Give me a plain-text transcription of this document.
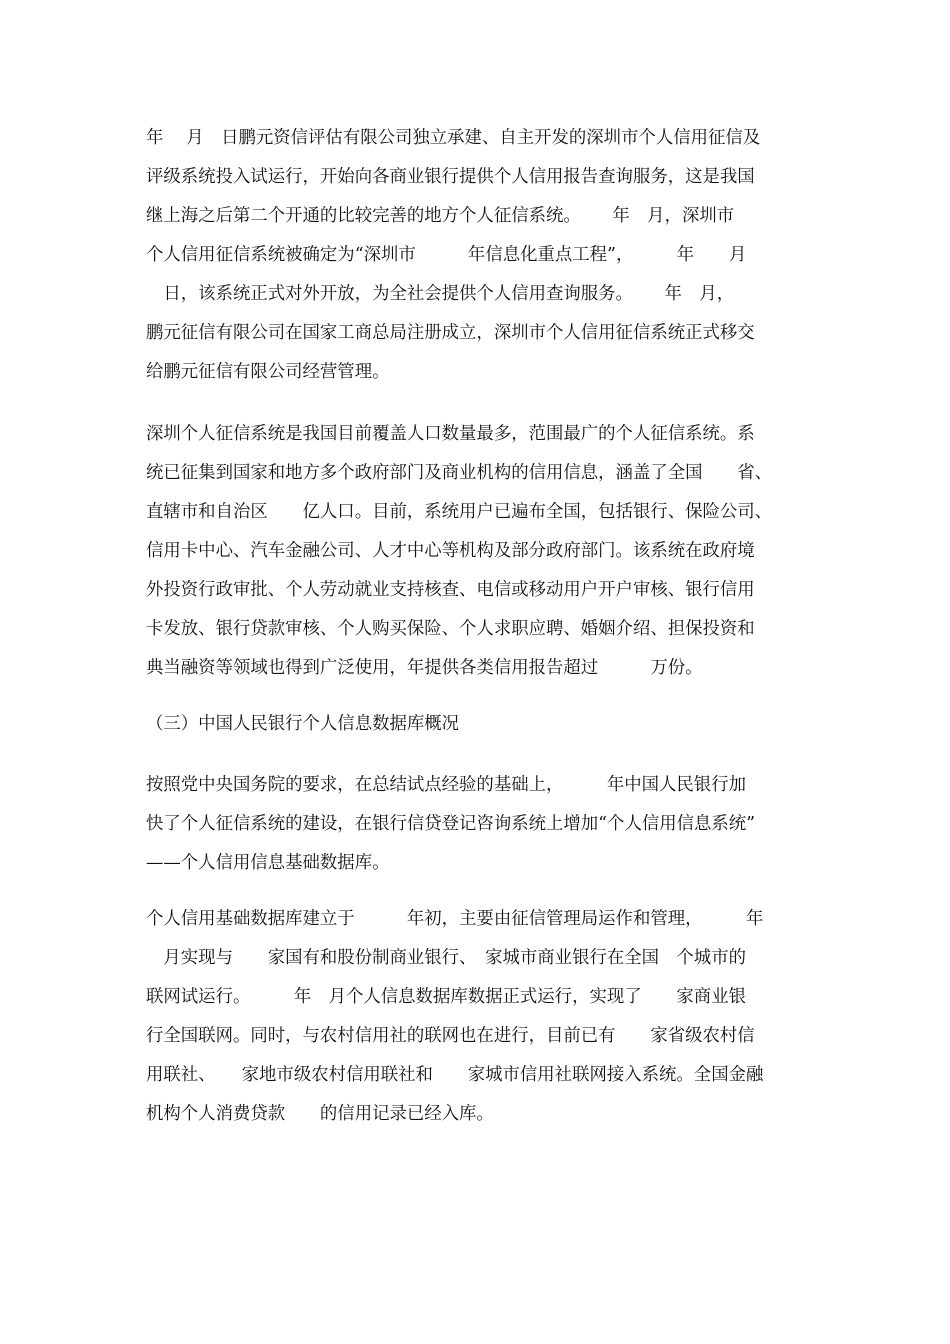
年　 月　日鹏元资信评估有限公司独立承建、自主开发的深圳市个人信用征信及
评级系统投入试运行，开始向各商业银行提供个人信用报告查询服务，这是我国
继上海之后第二个开通的比较完善的地方个人征信系统。　　 年　月，深圳市
个人信用征信系统被确定为“深圳市　　　年信息化重点工程”，　　　年　　月
　日，该系统正式对外开放，为全社会提供个人信用查询服务。　　 年　月，
鹏元征信有限公司在国家工商总局注册成立，深圳市个人信用征信系统正式移交
给鹏元征信有限公司经营管理。
深圳个人征信系统是我国目前覆盖人口数量最多，范围最广的个人征信系统。系
统已征集到国家和地方多个政府部门及商业机构的信用信息，涵盖了全国　　省、
直辖市和自治区　　亿人口。目前，系统用户已遍布全国，包括银行、保险公司、
信用卡中心、汽车金融公司、人才中心等机构及部分政府部门。该系统在政府境
外投资行政审批、个人劳动就业支持核查、电信或移动用户开户审核、银行信用
卡发放、银行贷款审核、个人购买保险、个人求职应聘、婚姻介绍、担保投资和
典当融资等领域也得到广泛使用，年提供各类信用报告超过　　　万份。
（三）中国人民银行个人信息数据库概况
按照党中央国务院的要求，在总结试点经验的基础上，　　　年中国人民银行加
快了个人征信系统的建设，在银行信贷登记咨询系统上增加“个人信用信息系统”
——个人信用信息基础数据库。
个人信用基础数据库建立于　　　年初，主要由征信管理局运作和管理，　　　年
　月实现与　　家国有和股份制商业银行、　家城市商业银行在全国　个城市的
联网试运行。　　　年　月个人信息数据库数据正式运行，实现了　　家商业银
行全国联网。同时，与农村信用社的联网也在进行，目前已有　　家省级农村信
用联社、　　家地市级农村信用联社和　　家城市信用社联网接入系统。全国金融
机构个人消费贷款　　的信用记录已经入库。
